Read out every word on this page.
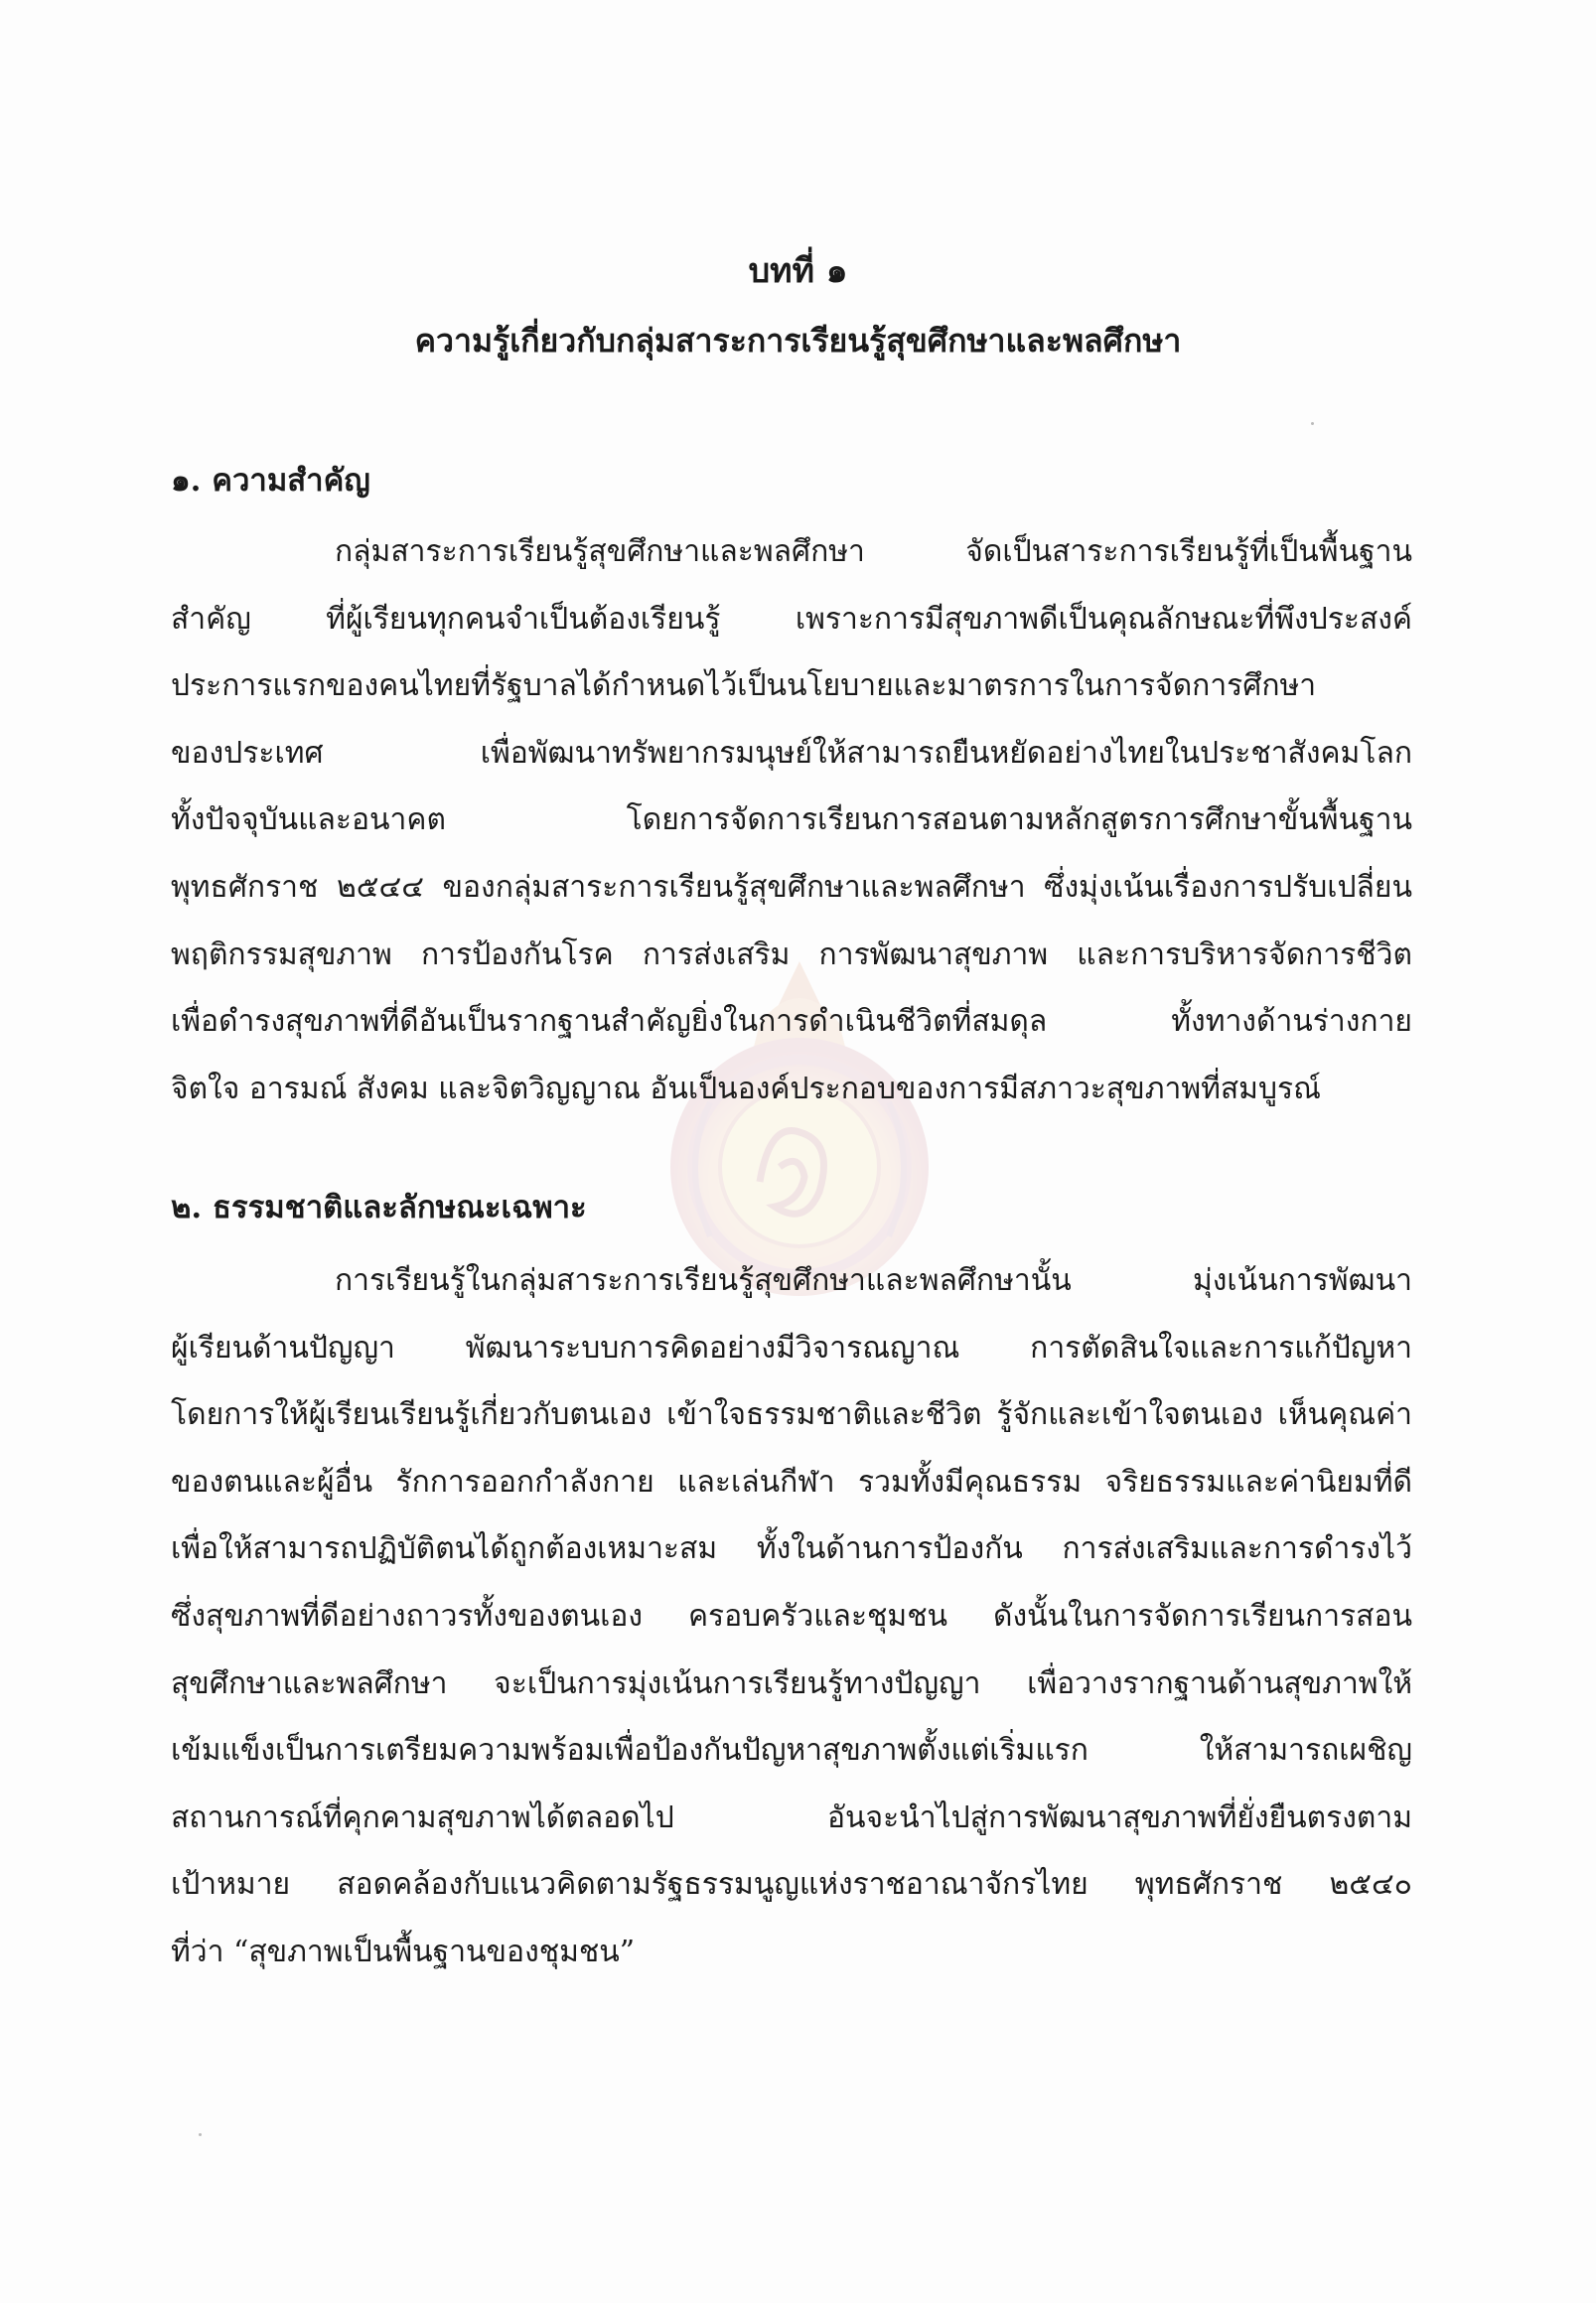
บทที่ ๑
ความรู้เกี่ยวกับกลุ่มสาระการเรียนรู้สุขศึกษาและพลศึกษา
๑. ความสำคัญ
กลุ่มสาระการเรียนรู้สุขศึกษาและพลศึกษา จัดเป็นสาระการเรียนรู้ที่เป็นพื้นฐาน
สำคัญ ที่ผู้เรียนทุกคนจำเป็นต้องเรียนรู้ เพราะการมีสุขภาพดีเป็นคุณลักษณะที่พึงประสงค์
ประการแรกของคนไทยที่รัฐบาลได้กำหนดไว้เป็นนโยบายและมาตรการในการจัดการศึกษา
ของประเทศ เพื่อพัฒนาทรัพยากรมนุษย์ให้สามารถยืนหยัดอย่างไทยในประชาสังคมโลก
ทั้งปัจจุบันและอนาคต โดยการจัดการเรียนการสอนตามหลักสูตรการศึกษาขั้นพื้นฐาน
พุทธศักราช ๒๕๔๔ ของกลุ่มสาระการเรียนรู้สุขศึกษาและพลศึกษา ซึ่งมุ่งเน้นเรื่องการปรับเปลี่ยน
พฤติกรรมสุขภาพ การป้องกันโรค การส่งเสริม การพัฒนาสุขภาพ และการบริหารจัดการชีวิต
เพื่อดำรงสุขภาพที่ดีอันเป็นรากฐานสำคัญยิ่งในการดำเนินชีวิตที่สมดุล ทั้งทางด้านร่างกาย
จิตใจ อารมณ์ สังคม และจิตวิญญาณ อันเป็นองค์ประกอบของการมีสภาวะสุขภาพที่สมบูรณ์
๒. ธรรมชาติและลักษณะเฉพาะ
การเรียนรู้ในกลุ่มสาระการเรียนรู้สุขศึกษาและพลศึกษานั้น มุ่งเน้นการพัฒนา
ผู้เรียนด้านปัญญา พัฒนาระบบการคิดอย่างมีวิจารณญาณ การตัดสินใจและการแก้ปัญหา
โดยการให้ผู้เรียนเรียนรู้เกี่ยวกับตนเอง เข้าใจธรรมชาติและชีวิต รู้จักและเข้าใจตนเอง เห็นคุณค่า
ของตนและผู้อื่น รักการออกกำลังกาย และเล่นกีฬา รวมทั้งมีคุณธรรม จริยธรรมและค่านิยมที่ดี
เพื่อให้สามารถปฏิบัติตนได้ถูกต้องเหมาะสม ทั้งในด้านการป้องกัน การส่งเสริมและการดำรงไว้
ซึ่งสุขภาพที่ดีอย่างถาวรทั้งของตนเอง ครอบครัวและชุมชน ดังนั้นในการจัดการเรียนการสอน
สุขศึกษาและพลศึกษา จะเป็นการมุ่งเน้นการเรียนรู้ทางปัญญา เพื่อวางรากฐานด้านสุขภาพให้
เข้มแข็งเป็นการเตรียมความพร้อมเพื่อป้องกันปัญหาสุขภาพตั้งแต่เริ่มแรก ให้สามารถเผชิญ
สถานการณ์ที่คุกคามสุขภาพได้ตลอดไป อันจะนำไปสู่การพัฒนาสุขภาพที่ยั่งยืนตรงตาม
เป้าหมาย สอดคล้องกับแนวคิดตามรัฐธรรมนูญแห่งราชอาณาจักรไทย พุทธศักราช ๒๕๔๐
ที่ว่า “สุขภาพเป็นพื้นฐานของชุมชน”
